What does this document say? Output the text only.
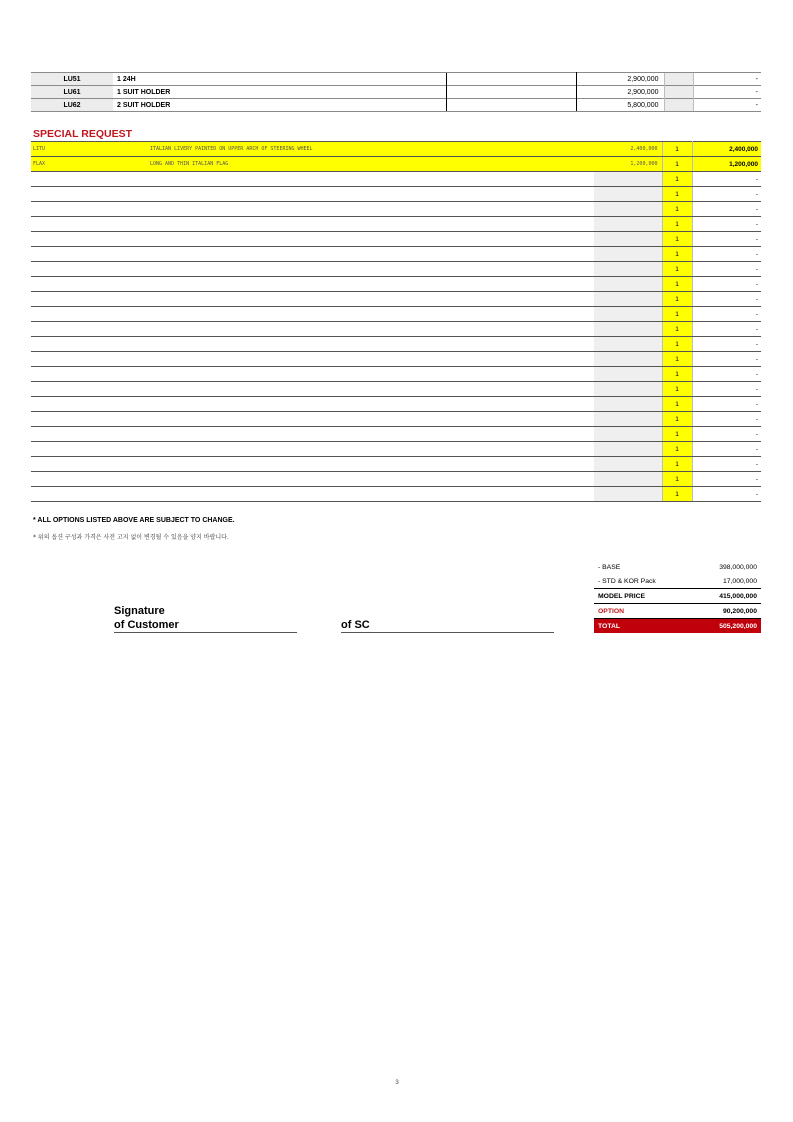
LU51	1 24H		2,900,000		-
LU61	1 SUIT HOLDER		2,900,000		-
LU62	2 SUIT HOLDER		5,800,000		-
SPECIAL REQUEST
LITU	ITALIAN LIVERY PAINTED ON UPPER ARCH OF STEERING WHEEL	2,400,000	1	2,400,000
FLAX	LONG AND THIN ITALIAN FLAG	1,200,000	1	1,200,000
			1	-
			1	-
			1	-
			1	-
			1	-
			1	-
			1	-
			1	-
			1	-
			1	-
			1	-
			1	-
			1	-
			1	-
			1	-
			1	-
			1	-
			1	-
			1	-
			1	-
			1	-
			1	-
* ALL OPTIONS LISTED ABOVE ARE SUBJECT TO CHANGE.
* 위의 옵션 구성과 가격은 사전 고지 없이 변경될 수 있음을 양지 바랍니다.
- BASE	398,000,000
- STD & KOR Pack	17,000,000
MODEL PRICE	415,000,000
OPTION	90,200,000
TOTAL	505,200,000
Signature
of Customer	of SC
3
